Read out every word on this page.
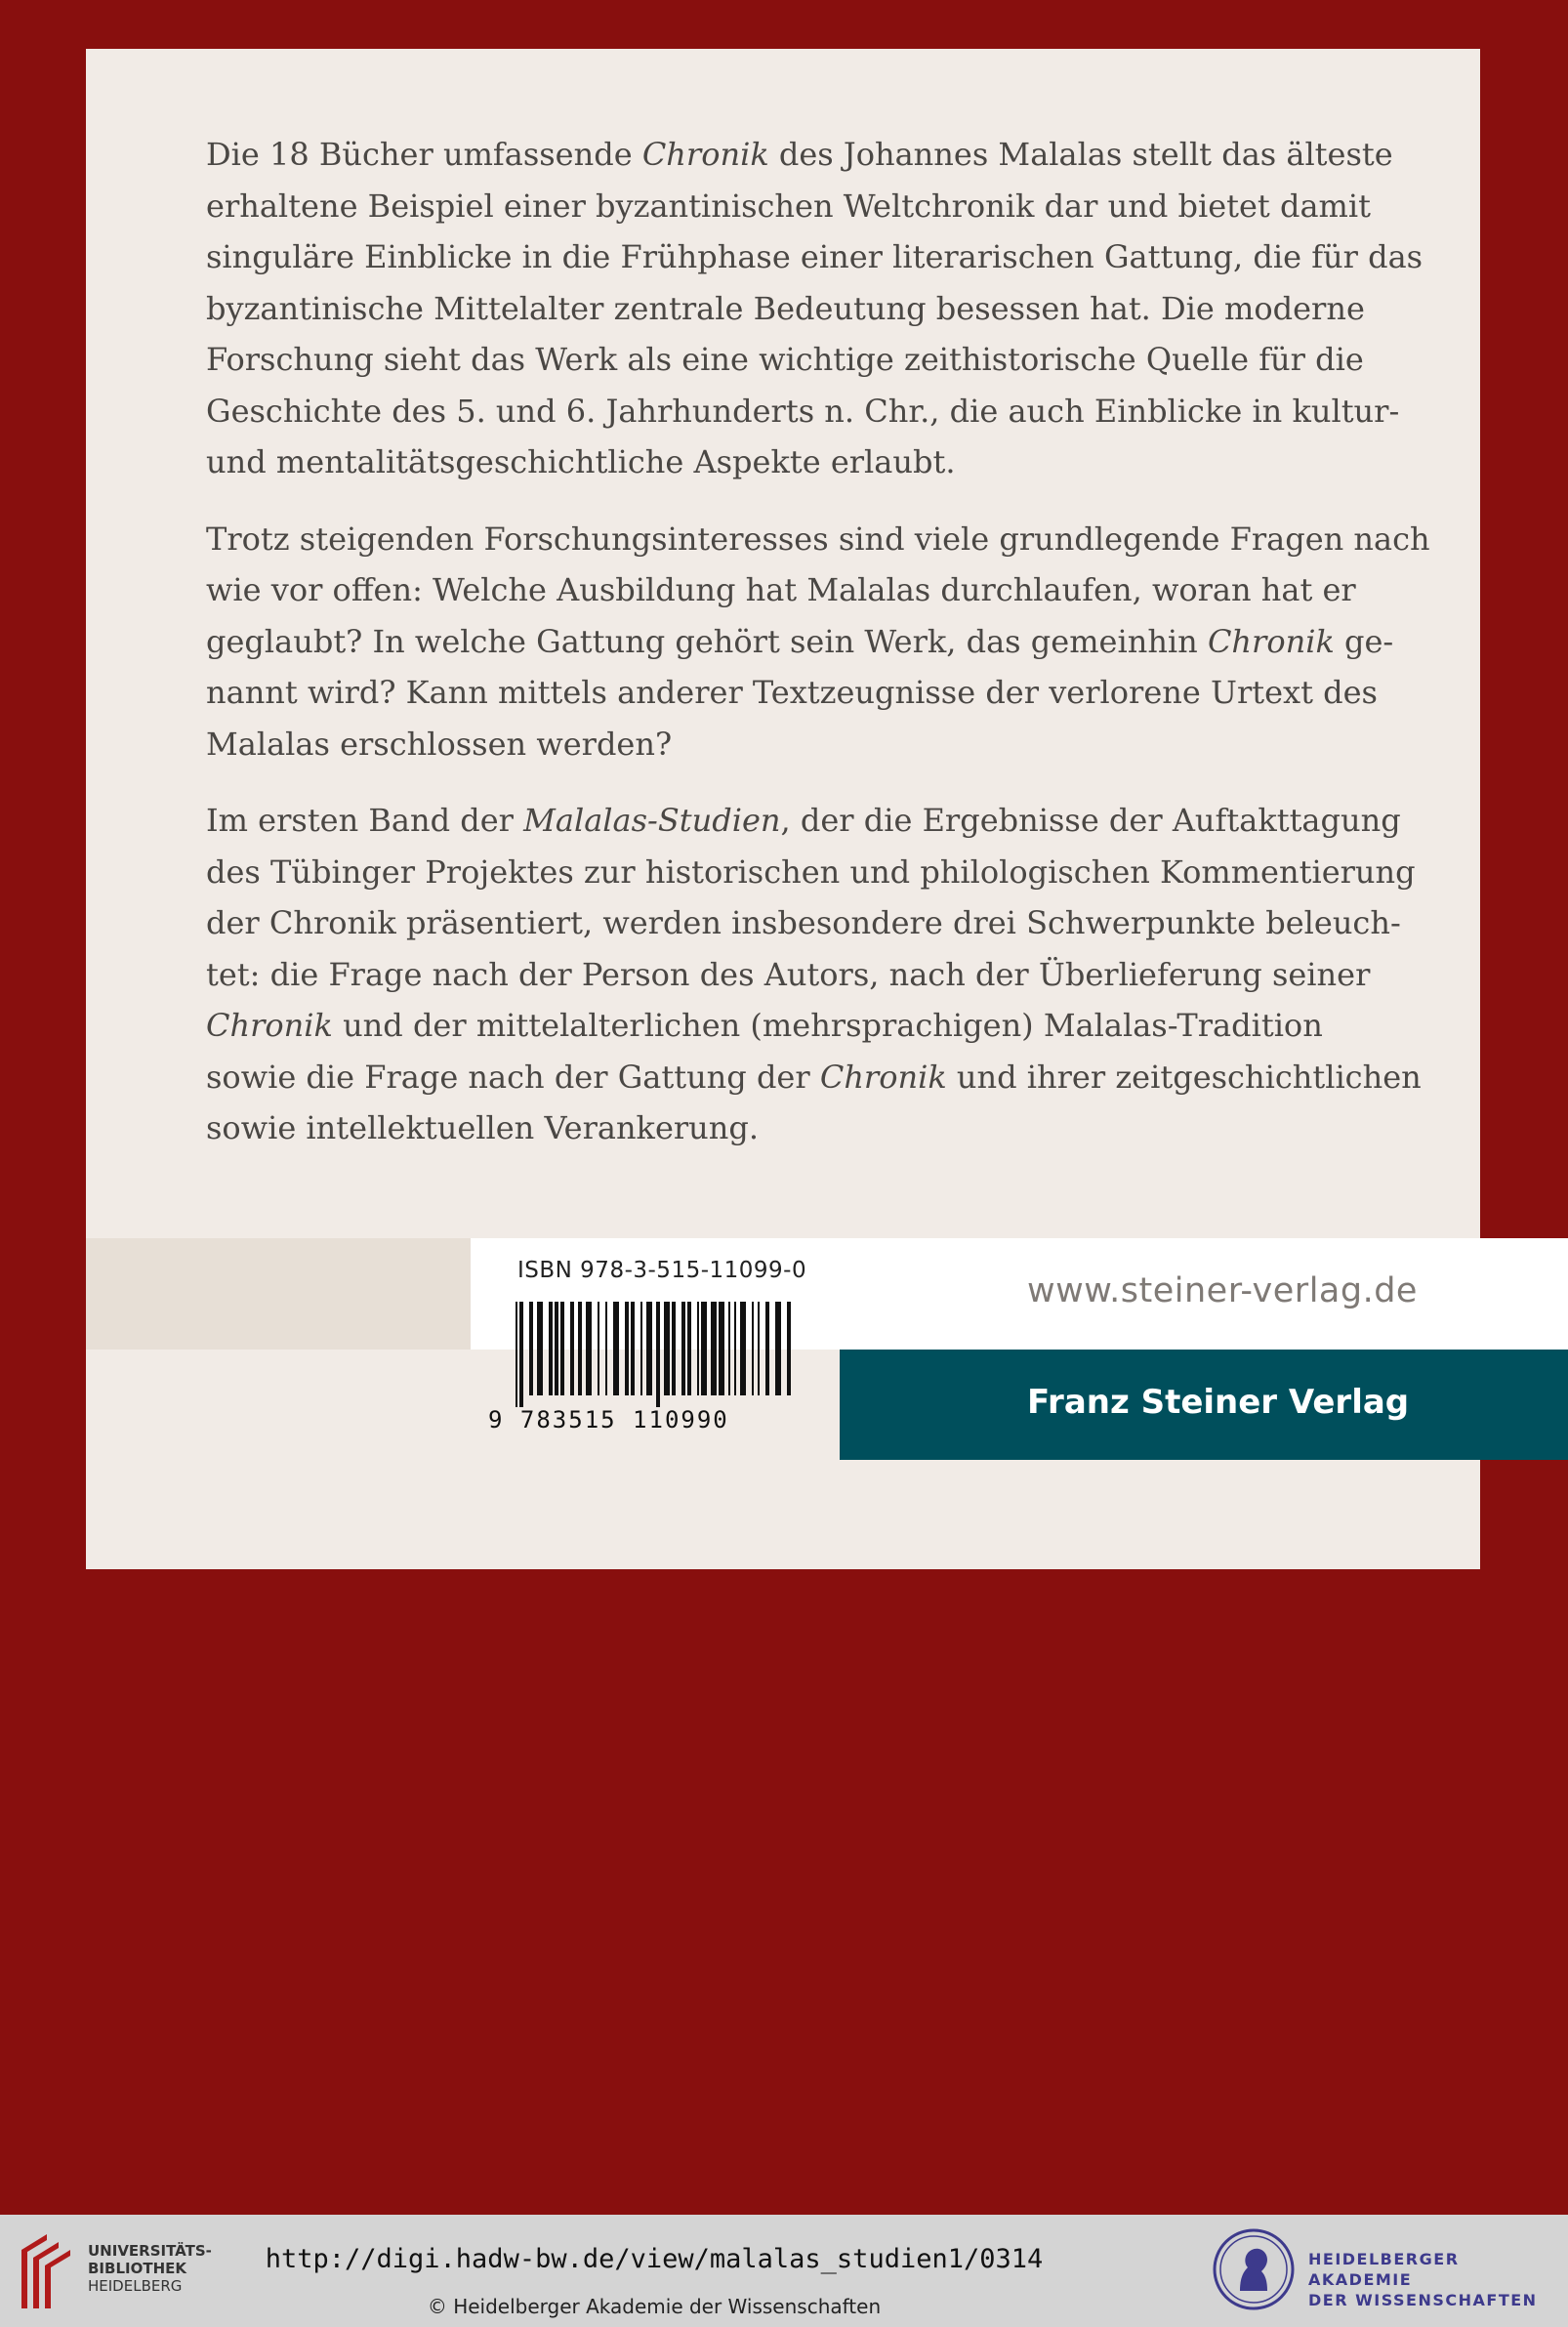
Die 18 Bücher umfassende Chronik des Johannes Malalas stellt das älteste
erhaltene Beispiel einer byzantinischen Weltchronik dar und bietet damit
singuläre Einblicke in die Frühphase einer literarischen Gattung, die für das
byzantinische Mittelalter zentrale Bedeutung besessen hat. Die moderne
Forschung sieht das Werk als eine wichtige zeithistorische Quelle für die
Geschichte des 5. und 6. Jahrhunderts n. Chr., die auch Einblicke in kultur-
und mentalitätsgeschichtliche Aspekte erlaubt.

Trotz steigenden Forschungsinteresses sind viele grundlegende Fragen nach
wie vor offen: Welche Ausbildung hat Malalas durchlaufen, woran hat er
geglaubt? In welche Gattung gehört sein Werk, das gemeinhin Chronik ge-
nannt wird? Kann mittels anderer Textzeugnisse der verlorene Urtext des
Malalas erschlossen werden?

Im ersten Band der Malalas-Studien, der die Ergebnisse der Auftakttagung
des Tübinger Projektes zur historischen und philologischen Kommentierung
der Chronik präsentiert, werden insbesondere drei Schwerpunkte beleuch-
tet: die Frage nach der Person des Autors, nach der Überlieferung seiner
Chronik und der mittelalterlichen (mehrsprachigen) Malalas-Tradition
sowie die Frage nach der Gattung der Chronik und ihrer zeitgeschichtlichen
sowie intellektuellen Verankerung.

ISBN 978-3-515-11099-0
9 783515 110990
www.steiner-verlag.de
Franz Steiner Verlag
UNIVERSITÄTS-
BIBLIOTHEK
HEIDELBERG
http://digi.hadw-bw.de/view/malalas_studien1/0314
© Heidelberger Akademie der Wissenschaften
HEIDELBERGER AKADEMIE
DER WISSENSCHAFTEN
